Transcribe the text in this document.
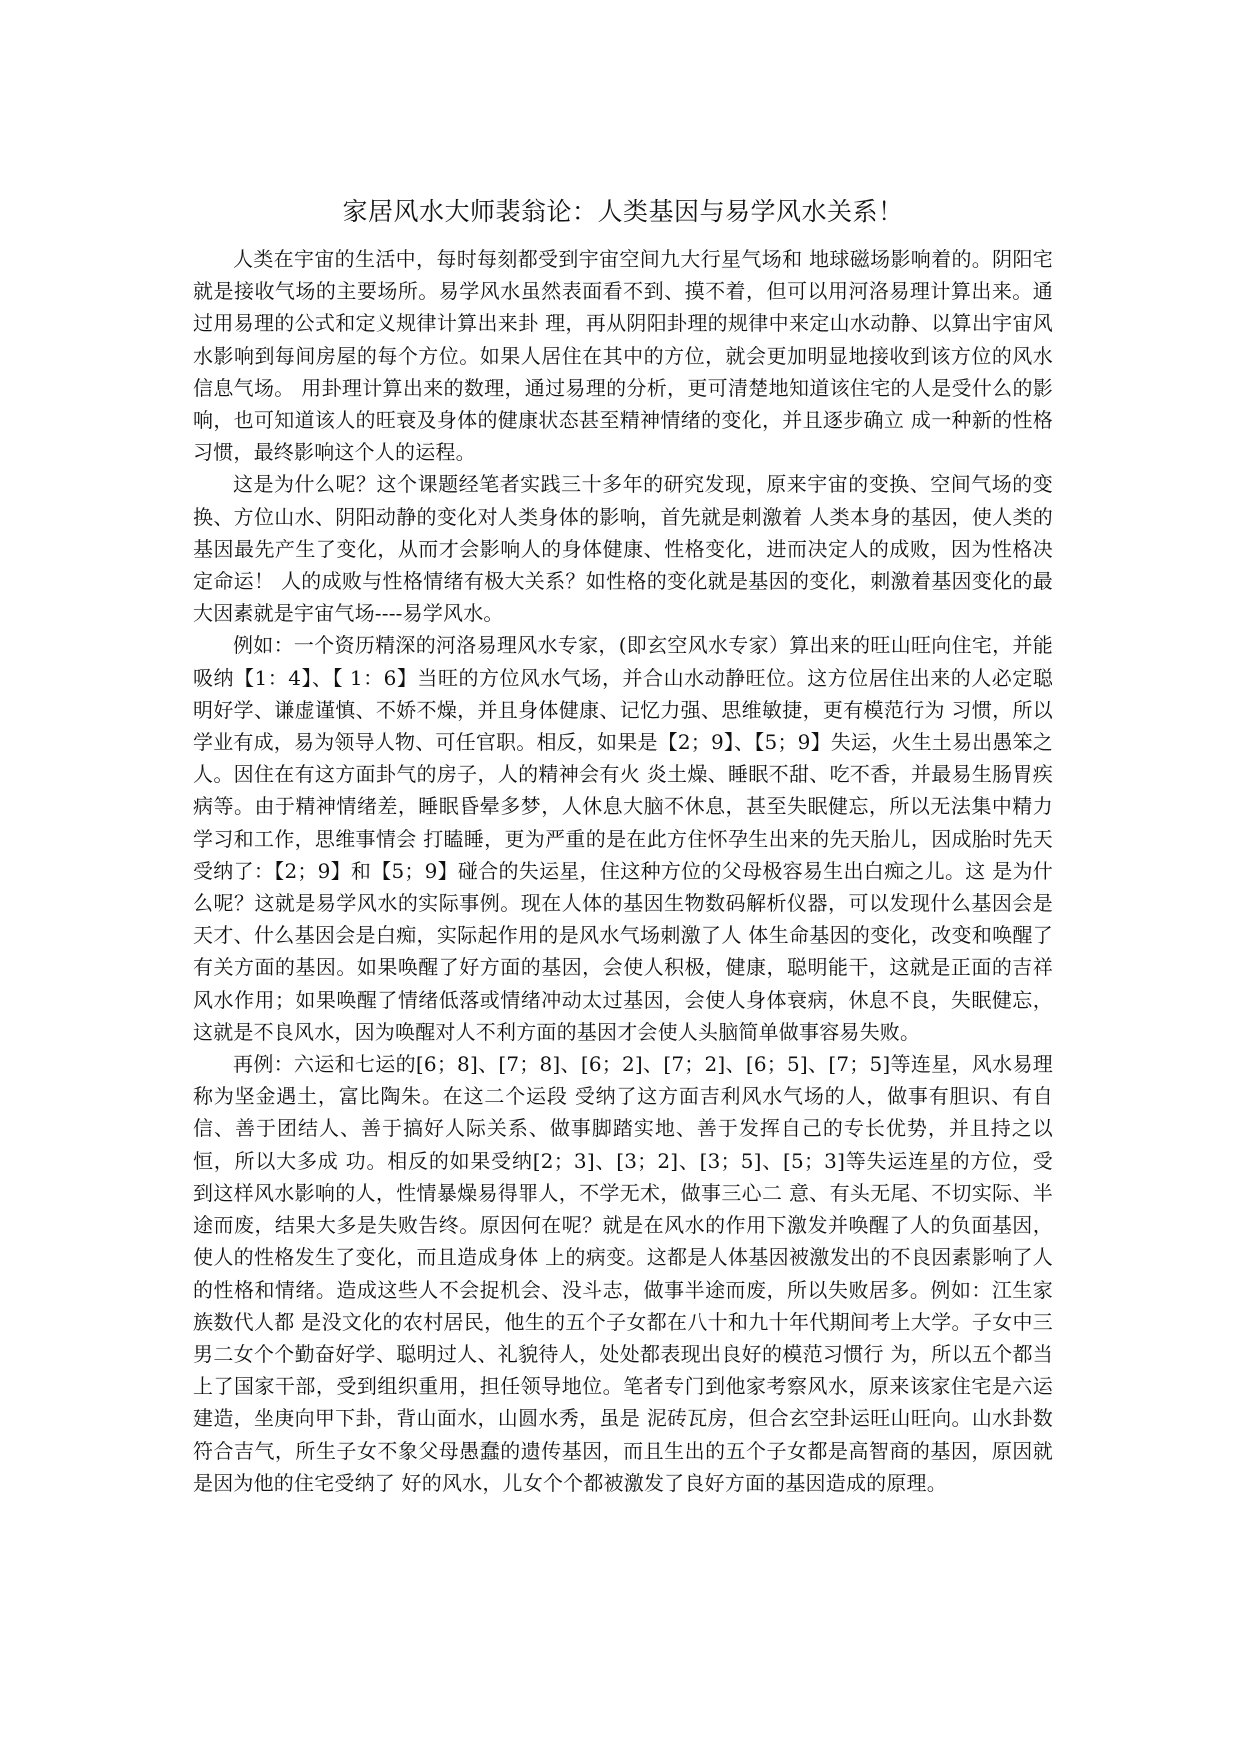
家居风水大师裴翁论：人类基因与易学风水关系！

人类在宇宙的生活中，每时每刻都受到宇宙空间九大行星气场和 地球磁场影响着的。阴阳宅就是接收气场的主要场所。易学风水虽然表面看不到、摸不着，但可以用河洛易理计算出来。通过用易理的公式和定义规律计算出来卦 理，再从阴阳卦理的规律中来定山水动静、以算出宇宙风水影响到每间房屋的每个方位。如果人居住在其中的方位，就会更加明显地接收到该方位的风水信息气场。 用卦理计算出来的数理，通过易理的分析，更可清楚地知道该住宅的人是受什么的影响，也可知道该人的旺衰及身体的健康状态甚至精神情绪的变化，并且逐步确立 成一种新的性格习惯，最终影响这个人的运程。

这是为什么呢？这个课题经笔者实践三十多年的研究发现，原来宇宙的变换、空间气场的变换、方位山水、阴阳动静的变化对人类身体的影响，首先就是刺激着 人类本身的基因，使人类的基因最先产生了变化，从而才会影响人的身体健康、性格变化，进而决定人的成败，因为性格决定命运！ 人的成败与性格情绪有极大关系？如性格的变化就是基因的变化，刺激着基因变化的最大因素就是宇宙气场----易学风水。

例如：一个资历精深的河洛易理风水专家，(即玄空风水专家）算出来的旺山旺向住宅，并能吸纳【1：4】、【 1：6】当旺的方位风水气场，并合山水动静旺位。这方位居住出来的人必定聪明好学、谦虚谨慎、不娇不燥，并且身体健康、记忆力强、思维敏捷，更有模范行为 习惯，所以学业有成，易为领导人物、可任官职。相反，如果是【2；9】、【5；9】失运，火生土易出愚笨之人。因住在有这方面卦气的房子，人的精神会有火 炎土燥、睡眠不甜、吃不香，并最易生肠胃疾病等。由于精神情绪差，睡眠昏晕多梦，人休息大脑不休息，甚至失眠健忘，所以无法集中精力学习和工作，思维事情会 打瞌睡，更为严重的是在此方住怀孕生出来的先天胎儿，因成胎时先天受纳了：【2；9】和【5；9】碰合的失运星，住这种方位的父母极容易生出白痴之儿。这 是为什么呢？这就是易学风水的实际事例。现在人体的基因生物数码解析仪器，可以发现什么基因会是天才、什么基因会是白痴，实际起作用的是风水气场刺激了人 体生命基因的变化，改变和唤醒了有关方面的基因。如果唤醒了好方面的基因，会使人积极，健康，聪明能干，这就是正面的吉祥风水作用；如果唤醒了情绪低落或情绪冲动太过基因，会使人身体衰病，休息不良，失眠健忘，这就是不良风水，因为唤醒对人不利方面的基因才会使人头脑简单做事容易失败。

再例：六运和七运的[6；8]、[7；8]、[6；2]、[7；2]、[6；5]、[7；5]等连星，风水易理称为坚金遇土，富比陶朱。在这二个运段 受纳了这方面吉利风水气场的人，做事有胆识、有自信、善于团结人、善于搞好人际关系、做事脚踏实地、善于发挥自己的专长优势，并且持之以恒，所以大多成 功。相反的如果受纳[2；3]、[3；2]、[3；5]、[5；3]等失运连星的方位，受到这样风水影响的人，性情暴燥易得罪人，不学无术，做事三心二 意、有头无尾、不切实际、半途而废，结果大多是失败告终。原因何在呢？就是在风水的作用下激发并唤醒了人的负面基因，使人的性格发生了变化，而且造成身体 上的病变。这都是人体基因被激发出的不良因素影响了人的性格和情绪。造成这些人不会捉机会、没斗志，做事半途而废，所以失败居多。例如：江生家族数代人都 是没文化的农村居民，他生的五个子女都在八十和九十年代期间考上大学。子女中三男二女个个勤奋好学、聪明过人、礼貌待人，处处都表现出良好的模范习惯行 为，所以五个都当上了国家干部，受到组织重用，担任领导地位。笔者专门到他家考察风水，原来该家住宅是六运建造，坐庚向甲下卦，背山面水，山圆水秀，虽是 泥砖瓦房，但合玄空卦运旺山旺向。山水卦数符合吉气，所生子女不象父母愚蠢的遗传基因，而且生出的五个子女都是高智商的基因，原因就是因为他的住宅受纳了 好的风水，儿女个个都被激发了良好方面的基因造成的原理。
